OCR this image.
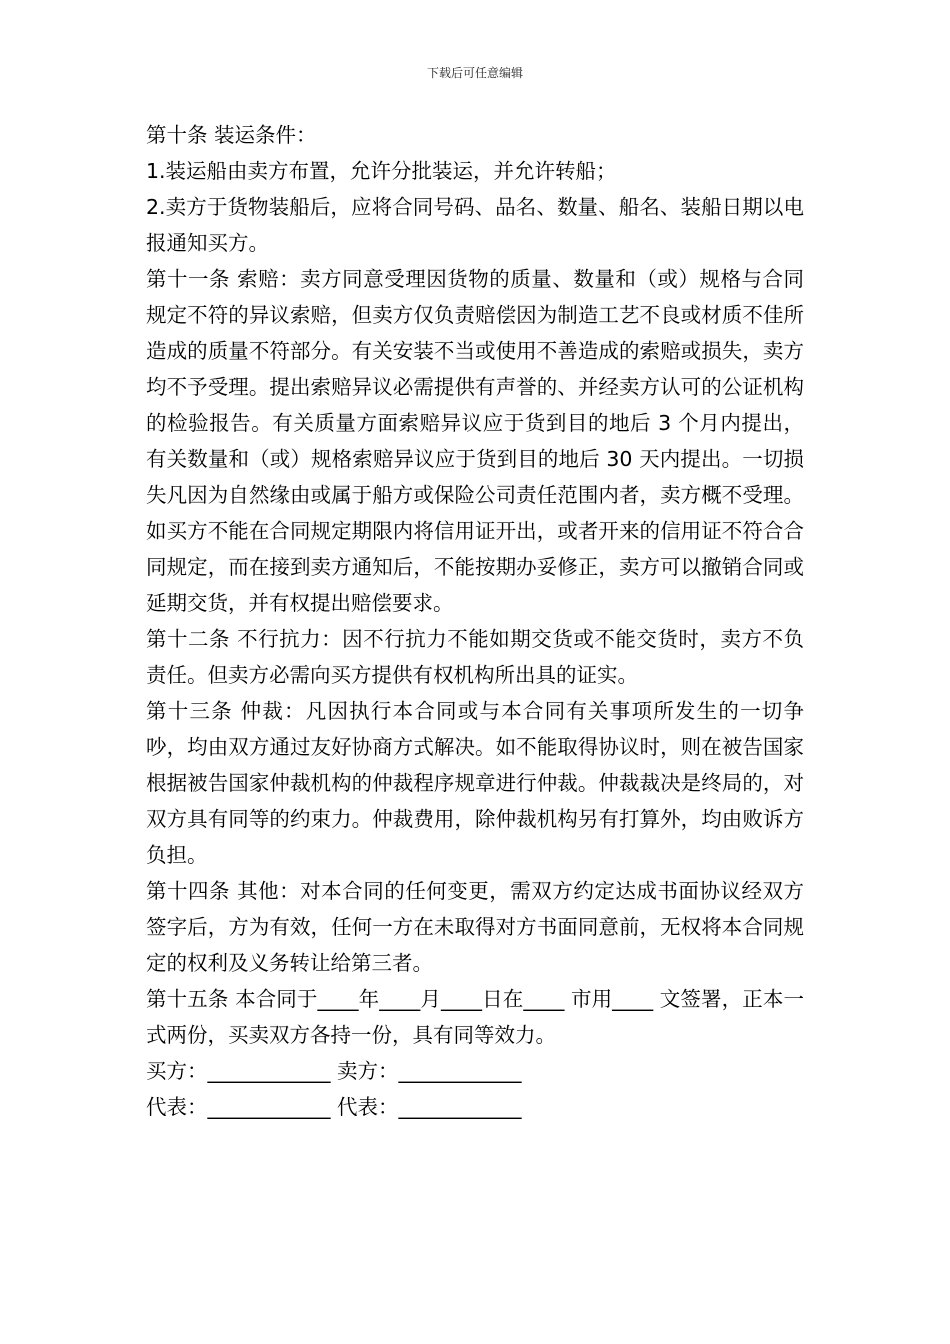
下载后可任意编辑

第十条 装运条件：

1.装运船由卖方布置，允许分批装运，并允许转船；

2.卖方于货物装船后，应将合同号码、品名、数量、船名、装船日期以电报通知买方。

第十一条 索赔：卖方同意受理因货物的质量、数量和（或）规格与合同规定不符的异议索赔，但卖方仅负责赔偿因为制造工艺不良或材质不佳所造成的质量不符部分。有关安装不当或使用不善造成的索赔或损失，卖方均不予受理。提出索赔异议必需提供有声誉的、并经卖方认可的公证机构的检验报告。有关质量方面索赔异议应于货到目的地后 3 个月内提出，有关数量和（或）规格索赔异议应于货到目的地后 30 天内提出。一切损失凡因为自然缘由或属于船方或保险公司责任范围内者，卖方概不受理。如买方不能在合同规定期限内将信用证开出，或者开来的信用证不符合合同规定，而在接到卖方通知后，不能按期办妥修正，卖方可以撤销合同或延期交货，并有权提出赔偿要求。

第十二条 不行抗力：因不行抗力不能如期交货或不能交货时，卖方不负责任。但卖方必需向买方提供有权机构所出具的证实。

第十三条 仲裁：凡因执行本合同或与本合同有关事项所发生的一切争吵，均由双方通过友好协商方式解决。如不能取得协议时，则在被告国家根据被告国家仲裁机构的仲裁程序规章进行仲裁。仲裁裁决是终局的，对双方具有同等的约束力。仲裁费用，除仲裁机构另有打算外，均由败诉方负担。

第十四条 其他：对本合同的任何变更，需双方约定达成书面协议经双方签字后，方为有效，任何一方在未取得对方书面同意前，无权将本合同规定的权利及义务转让给第三者。

第十五条 本合同于____年____月____日在____ 市用____ 文签署，正本一式两份，买卖双方各持一份，具有同等效力。

买方：____________ 卖方：____________

代表：____________ 代表：____________
